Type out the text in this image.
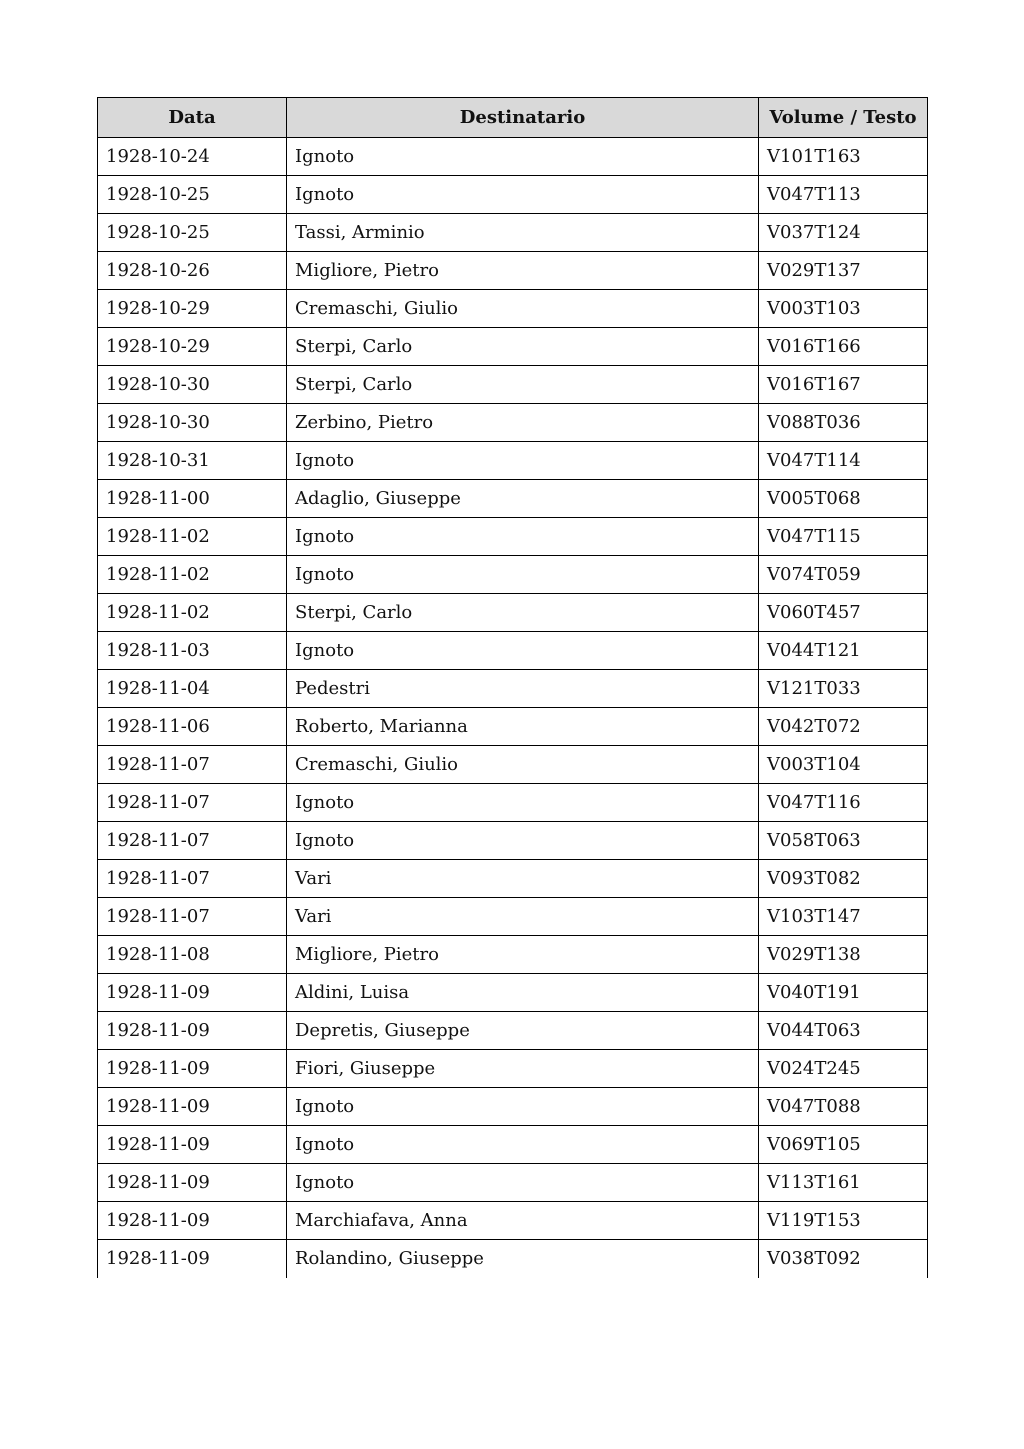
Data	Destinatario	Volume / Testo
1928-10-24	Ignoto	V101T163
1928-10-25	Ignoto	V047T113
1928-10-25	Tassi, Arminio	V037T124
1928-10-26	Migliore, Pietro	V029T137
1928-10-29	Cremaschi, Giulio	V003T103
1928-10-29	Sterpi, Carlo	V016T166
1928-10-30	Sterpi, Carlo	V016T167
1928-10-30	Zerbino, Pietro	V088T036
1928-10-31	Ignoto	V047T114
1928-11-00	Adaglio, Giuseppe	V005T068
1928-11-02	Ignoto	V047T115
1928-11-02	Ignoto	V074T059
1928-11-02	Sterpi, Carlo	V060T457
1928-11-03	Ignoto	V044T121
1928-11-04	Pedestri	V121T033
1928-11-06	Roberto, Marianna	V042T072
1928-11-07	Cremaschi, Giulio	V003T104
1928-11-07	Ignoto	V047T116
1928-11-07	Ignoto	V058T063
1928-11-07	Vari	V093T082
1928-11-07	Vari	V103T147
1928-11-08	Migliore, Pietro	V029T138
1928-11-09	Aldini, Luisa	V040T191
1928-11-09	Depretis, Giuseppe	V044T063
1928-11-09	Fiori, Giuseppe	V024T245
1928-11-09	Ignoto	V047T088
1928-11-09	Ignoto	V069T105
1928-11-09	Ignoto	V113T161
1928-11-09	Marchiafava, Anna	V119T153
1928-11-09	Rolandino, Giuseppe	V038T092
